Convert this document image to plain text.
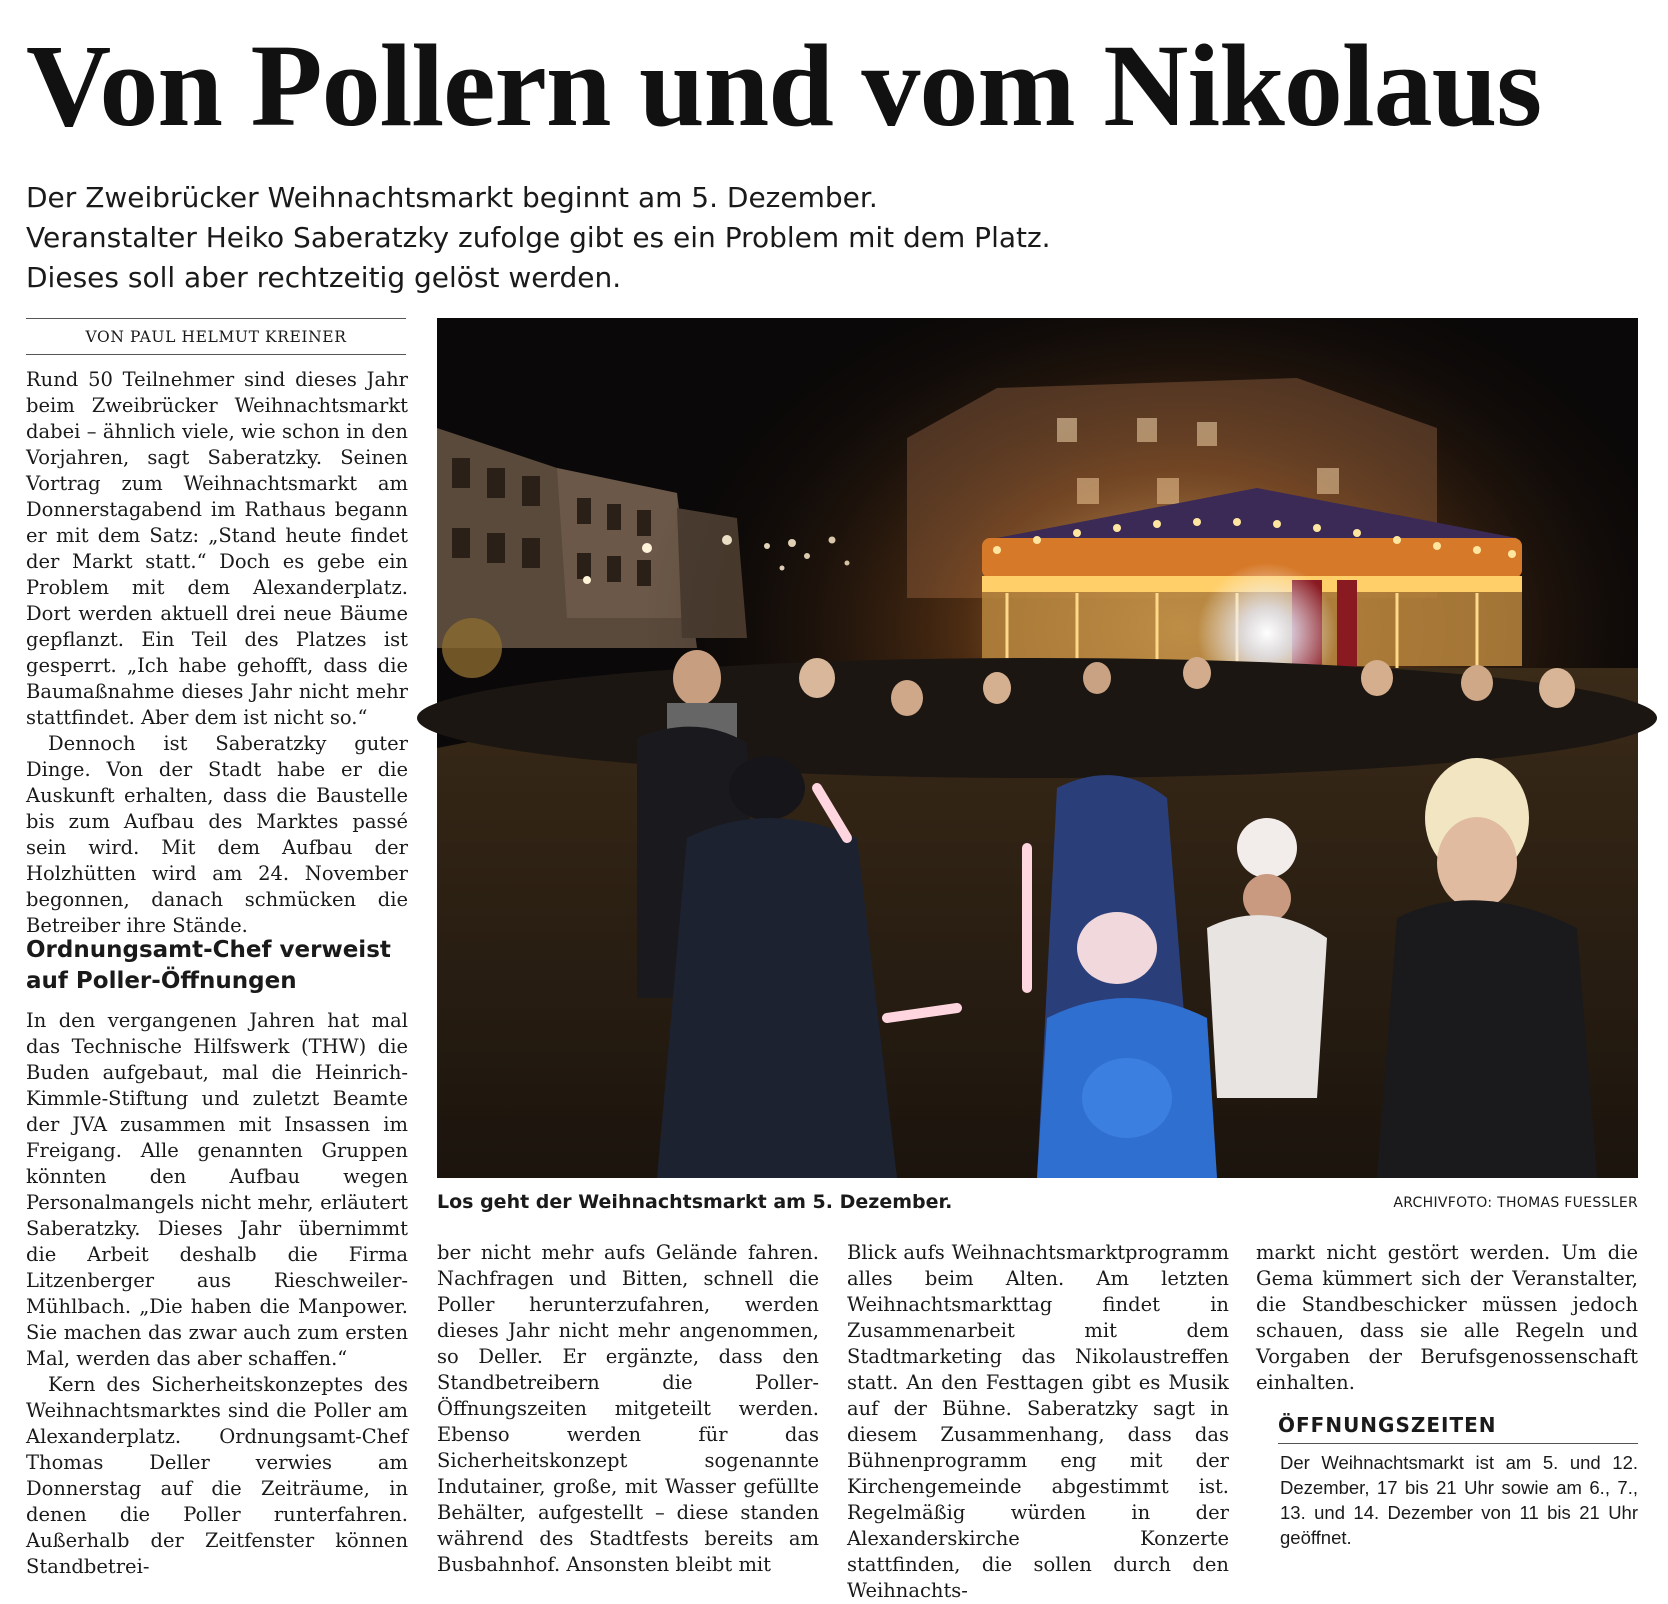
Von Pollern und vom Nikolaus
Der Zweibrücker Weihnachtsmarkt beginnt am 5. Dezember.
Veranstalter Heiko Saberatzky zufolge gibt es ein Problem mit dem Platz.
Dieses soll aber rechtzeitig gelöst werden.
VON PAUL HELMUT KREINER

Rund 50 Teilnehmer sind dieses Jahr beim Zweibrücker Weihnachtsmarkt dabei – ähnlich viele, wie schon in den Vorjahren, sagt Saberatzky. Seinen Vortrag zum Weihnachtsmarkt am Donnerstagabend im Rathaus begann er mit dem Satz: „Stand heute findet der Markt statt.“ Doch es gebe ein Problem mit dem Alexanderplatz. Dort werden aktuell drei neue Bäume gepflanzt. Ein Teil des Platzes ist gesperrt. „Ich habe gehofft, dass die Baumaßnahme dieses Jahr nicht mehr stattfindet. Aber dem ist nicht so.“

Dennoch ist Saberatzky guter Dinge. Von der Stadt habe er die Auskunft erhalten, dass die Baustelle bis zum Aufbau des Marktes passé sein wird. Mit dem Aufbau der Holzhütten wird am 24. November begonnen, danach schmücken die Betreiber ihre Stände.

Ordnungsamt-Chef verweist auf Poller-Öffnungen

In den vergangenen Jahren hat mal das Technische Hilfswerk (THW) die Buden aufgebaut, mal die Heinrich-Kimmle-Stiftung und zuletzt Beamte der JVA zusammen mit Insassen im Freigang. Alle genannten Gruppen könnten den Aufbau wegen Personalmangels nicht mehr, erläutert Saberatzky. Dieses Jahr übernimmt die Arbeit deshalb die Firma Litzenberger aus Rieschweiler-Mühlbach. „Die haben die Manpower. Sie machen das zwar auch zum ersten Mal, werden das aber schaffen.“

Kern des Sicherheitskonzeptes des Weihnachtsmarktes sind die Poller am Alexanderplatz. Ordnungsamt-Chef Thomas Deller verwies am Donnerstag auf die Zeiträume, in denen die Poller runterfahren. Außerhalb der Zeitfenster können Standbetrei-

Los geht der Weihnachtsmarkt am 5. Dezember.	ARCHIVFOTO: THOMAS FUESSLER

ber nicht mehr aufs Gelände fahren. Nachfragen und Bitten, schnell die Poller herunterzufahren, werden dieses Jahr nicht mehr angenommen, so Deller. Er ergänzte, dass den Standbetreibern die Poller-Öffnungszeiten mitgeteilt werden. Ebenso werden für das Sicherheitskonzept sogenannte Indutainer, große, mit Wasser gefüllte Behälter, aufgestellt – diese standen während des Stadtfests bereits am Busbahnhof. Ansonsten bleibt mit

Blick aufs Weihnachtsmarktprogramm alles beim Alten. Am letzten Weihnachtsmarkttag findet in Zusammenarbeit mit dem Stadtmarketing das Nikolaustreffen statt. An den Festtagen gibt es Musik auf der Bühne. Saberatzky sagt in diesem Zusammenhang, dass das Bühnenprogramm eng mit der Kirchengemeinde abgestimmt ist. Regelmäßig würden in der Alexanderskirche Konzerte stattfinden, die sollen durch den Weihnachts-

markt nicht gestört werden. Um die Gema kümmert sich der Veranstalter, die Standbeschicker müssen jedoch schauen, dass sie alle Regeln und Vorgaben der Berufsgenossenschaft einhalten.

ÖFFNUNGSZEITEN
Der Weihnachtsmarkt ist am 5. und 12. Dezember, 17 bis 21 Uhr sowie am 6., 7., 13. und 14. Dezember von 11 bis 21 Uhr geöffnet.
